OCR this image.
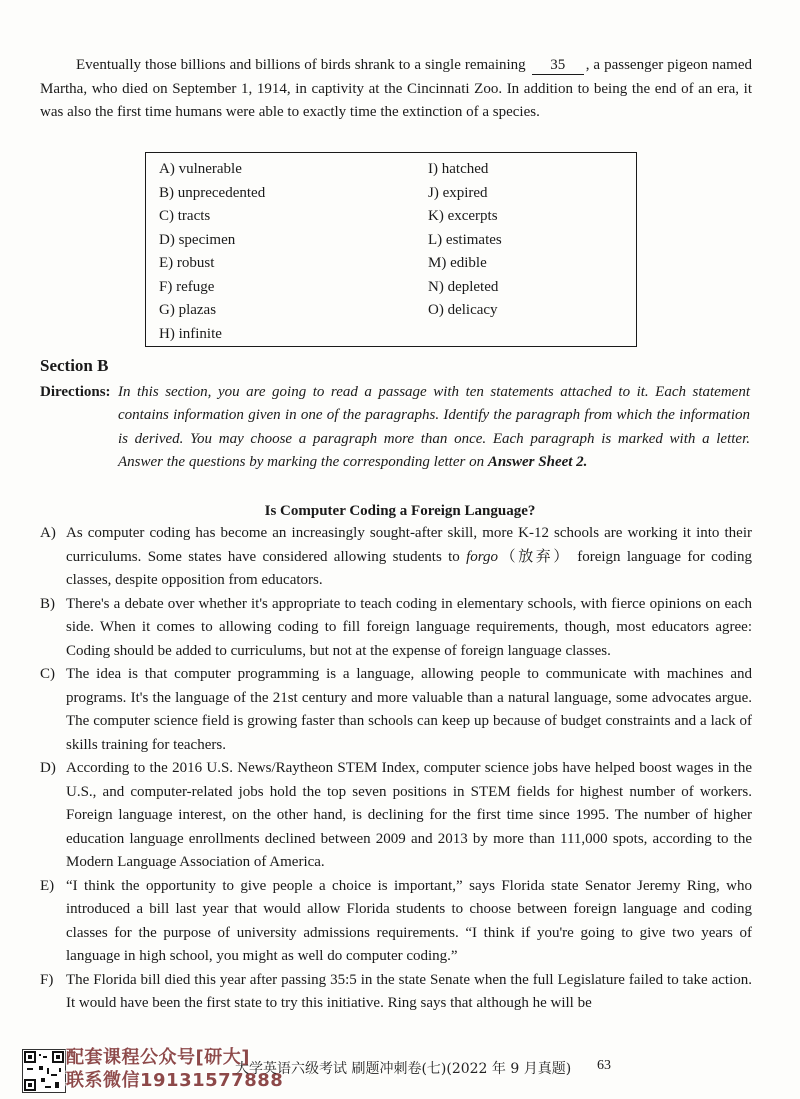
Eventually those billions and billions of birds shrank to a single remaining 35 , a passenger pigeon named Martha, who died on September 1, 1914, in captivity at the Cincinnati Zoo. In addition to being the end of an era, it was also the first time humans were able to exactly time the extinction of a species.
A) vulnerable
B) unprecedented
C) tracts
D) specimen
E) robust
F) refuge
G) plazas
H) infinite
I) hatched
J) expired
K) excerpts
L) estimates
M) edible
N) depleted
O) delicacy
Section B
Directions: In this section, you are going to read a passage with ten statements attached to it. Each statement contains information given in one of the paragraphs. Identify the paragraph from which the information is derived. You may choose a paragraph more than once. Each paragraph is marked with a letter. Answer the questions by marking the corresponding letter on Answer Sheet 2.
Is Computer Coding a Foreign Language?
A) As computer coding has become an increasingly sought-after skill, more K-12 schools are working it into their curriculums. Some states have considered allowing students to forgo（放弃） foreign language for coding classes, despite opposition from educators.
B) There's a debate over whether it's appropriate to teach coding in elementary schools, with fierce opinions on each side. When it comes to allowing coding to fill foreign language requirements, though, most educators agree: Coding should be added to curriculums, but not at the expense of foreign language classes.
C) The idea is that computer programming is a language, allowing people to communicate with machines and programs. It's the language of the 21st century and more valuable than a natural language, some advocates argue. The computer science field is growing faster than schools can keep up because of budget constraints and a lack of skills training for teachers.
D) According to the 2016 U.S. News/Raytheon STEM Index, computer science jobs have helped boost wages in the U.S., and computer-related jobs hold the top seven positions in STEM fields for highest number of workers. Foreign language interest, on the other hand, is declining for the first time since 1995. The number of higher education language enrollments declined between 2009 and 2013 by more than 111,000 spots, according to the Modern Language Association of America.
E) “I think the opportunity to give people a choice is important,” says Florida state Senator Jeremy Ring, who introduced a bill last year that would allow Florida students to choose between foreign language and coding classes for the purpose of university admissions requirements. “I think if you're going to give two years of language in high school, you might as well do computer coding.”
F) The Florida bill died this year after passing 35:5 in the state Senate when the full Legislature failed to take action. It would have been the first state to try this initiative. Ring says that although he will be
配套课程公众号[研大]
联系微信19131577888
大学英语六级考试 刷题冲刺卷(七)(2022 年 9 月真题) 63
